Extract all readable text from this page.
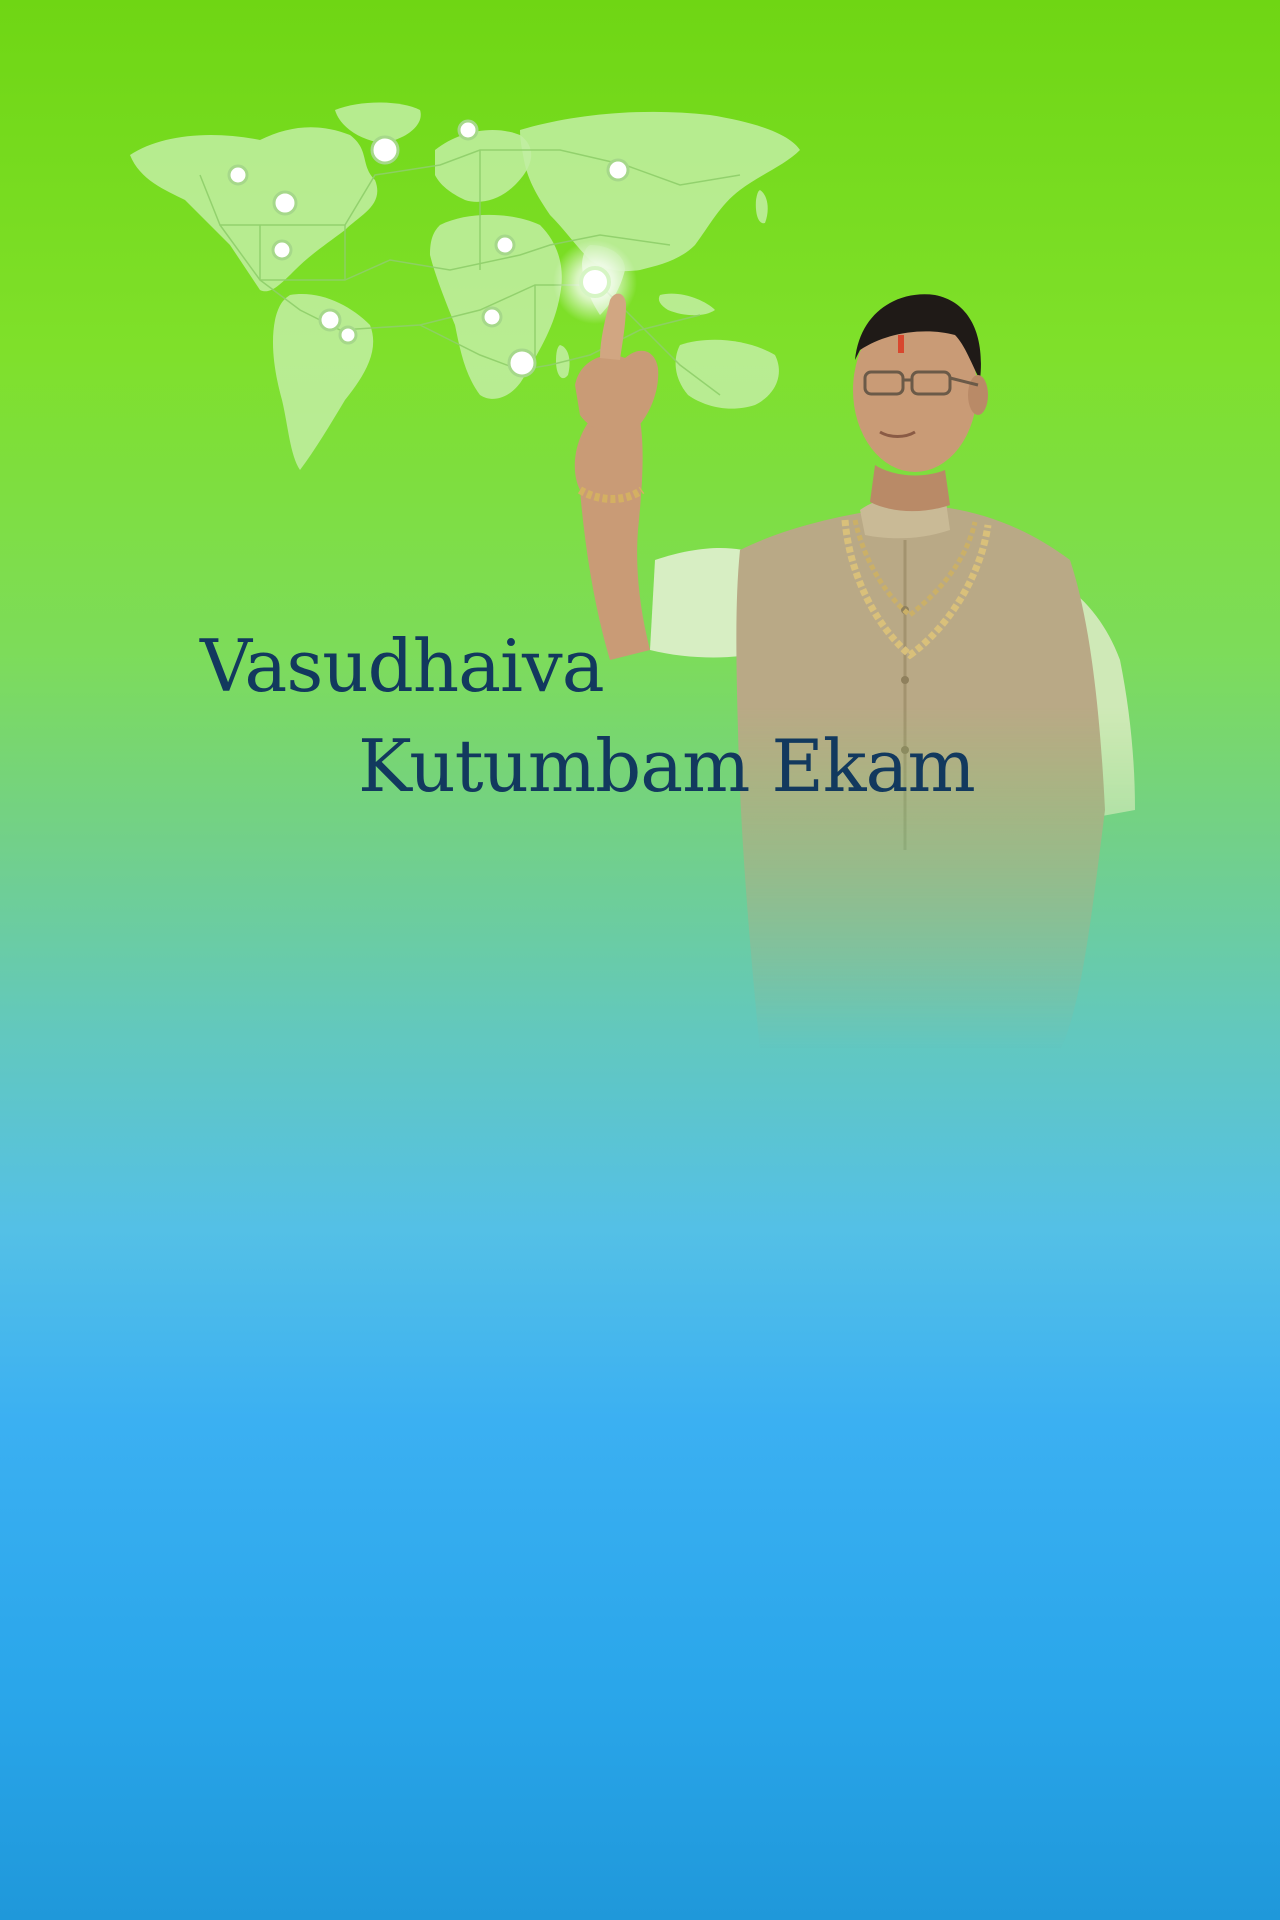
Vasudhaiva
Kutumbam Ekam
